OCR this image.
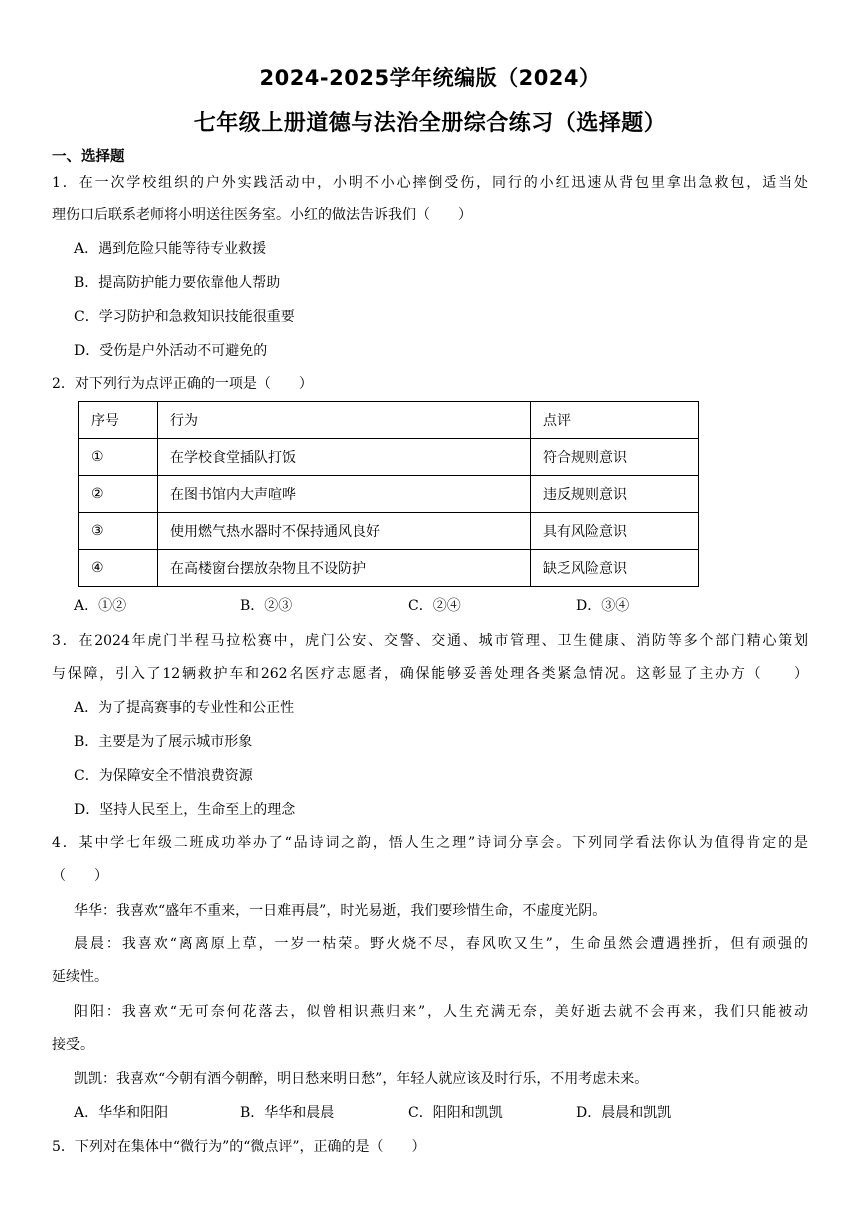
2024-2025学年统编版（2024）
七年级上册道德与法治全册综合练习（选择题）
一、选择题
1．在一次学校组织的户外实践活动中，小明不小心摔倒受伤，同行的小红迅速从背包里拿出急救包，适当处
理伤口后联系老师将小明送往医务室。小红的做法告诉我们（　　）
A．遇到危险只能等待专业救援
B．提高防护能力要依靠他人帮助
C．学习防护和急救知识技能很重要
D．受伤是户外活动不可避免的
2．对下列行为点评正确的一项是（　　）
序号	行为	点评
①	在学校食堂插队打饭	符合规则意识
②	在图书馆内大声喧哗	违反规则意识
③	使用燃气热水器时不保持通风良好	具有风险意识
④	在高楼窗台摆放杂物且不设防护	缺乏风险意识
A．①②	B．②③	C．②④	D．③④
3．在2024年虎门半程马拉松赛中，虎门公安、交警、交通、城市管理、卫生健康、消防等多个部门精心策划
与保障，引入了12辆救护车和262名医疗志愿者，确保能够妥善处理各类紧急情况。这彰显了主办方（　　）
A．为了提高赛事的专业性和公正性
B．主要是为了展示城市形象
C．为保障安全不惜浪费资源
D．坚持人民至上，生命至上的理念
4．某中学七年级二班成功举办了“品诗词之韵，悟人生之理”诗词分享会。下列同学看法你认为值得肯定的是
（　　）
华华：我喜欢“盛年不重来，一日难再晨”，时光易逝，我们要珍惜生命，不虚度光阴。
晨晨：我喜欢“离离原上草，一岁一枯荣。野火烧不尽，春风吹又生”，生命虽然会遭遇挫折，但有顽强的
延续性。
阳阳：我喜欢“无可奈何花落去，似曾相识燕归来”，人生充满无奈，美好逝去就不会再来，我们只能被动
接受。
凯凯：我喜欢“今朝有酒今朝醉，明日愁来明日愁”，年轻人就应该及时行乐，不用考虑未来。
A．华华和阳阳	B．华华和晨晨	C．阳阳和凯凯	D．晨晨和凯凯
5．下列对在集体中“微行为”的“微点评”，正确的是（　　）
